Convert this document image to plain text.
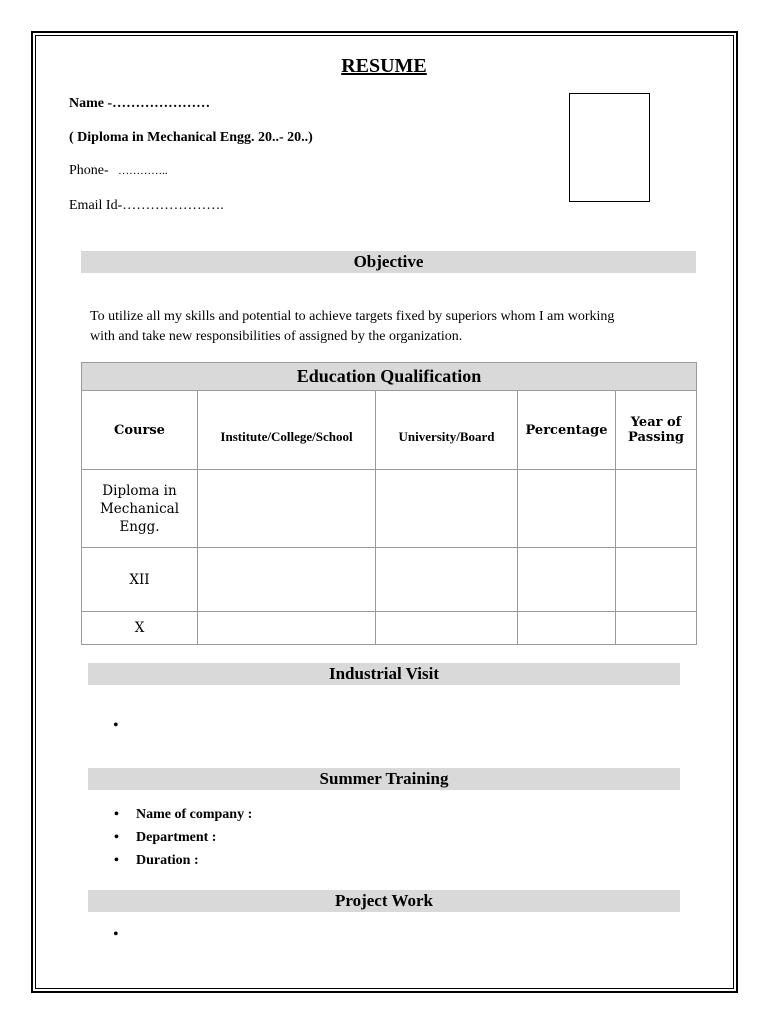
RESUME
Name -…………………
( Diploma in Mechanical Engg. 20..- 20..)
Phone- …………..
Email Id-………………….
Objective
To utilize all my skills and potential to achieve targets fixed by superiors whom I am working
with and take new responsibilities of assigned by the organization.
Education Qualification				
Course	Institute/College/School	University/Board	Percentage	Year of
Passing

Diploma in
Mechanical
Engg.				

XII				
X				
Industrial Visit
•
Summer Training
• Name of company :
• Department :
• Duration :
Project Work
•
